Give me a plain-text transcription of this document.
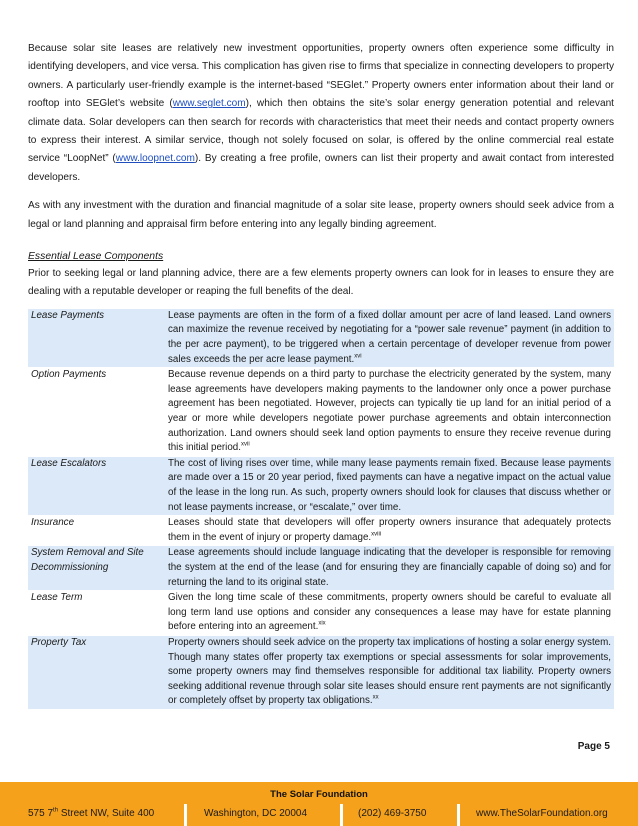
Because solar site leases are relatively new investment opportunities, property owners often experience some difficulty in identifying developers, and vice versa. This complication has given rise to firms that specialize in connecting developers to property owners. A particularly user-friendly example is the internet-based “SEGlet.” Property owners enter information about their land or rooftop into SEGlet’s website (www.seglet.com), which then obtains the site’s solar energy generation potential and relevant climate data. Solar developers can then search for records with characteristics that meet their needs and contact property owners to express their interest. A similar service, though not solely focused on solar, is offered by the online commercial real estate service “LoopNet” (www.loopnet.com). By creating a free profile, owners can list their property and await contact from interested developers.

As with any investment with the duration and financial magnitude of a solar site lease, property owners should seek advice from a legal or land planning and appraisal firm before entering into any legally binding agreement.

Essential Lease Components

Prior to seeking legal or land planning advice, there are a few elements property owners can look for in leases to ensure they are dealing with a reputable developer or reaping the full benefits of the deal.

Lease Payments	Lease payments are often in the form of a fixed dollar amount per acre of land leased. Land owners can maximize the revenue received by negotiating for a “power sale revenue” payment (in addition to the per acre payment), to be triggered when a certain percentage of developer revenue from power sales exceeds the per acre lease payment.$^{xvi}$
Option Payments	Because revenue depends on a third party to purchase the electricity generated by the system, many lease agreements have developers making payments to the landowner only once a power purchase agreement has been negotiated. However, projects can typically tie up land for an initial period of a year or more while developers negotiate power purchase agreements and obtain interconnection authorization. Land owners should seek land option payments to ensure they receive revenue during this initial period.$^{xvii}$
Lease Escalators	The cost of living rises over time, while many lease payments remain fixed. Because lease payments are made over a 15 or 20 year period, fixed payments can have a negative impact on the actual value of the lease in the long run. As such, property owners should look for clauses that discuss whether or not lease payments increase, or “escalate,” over time.
Insurance	Leases should state that developers will offer property owners insurance that adequately protects them in the event of injury or property damage.$^{xviii}$
System Removal and Site Decommissioning	Lease agreements should include language indicating that the developer is responsible for removing the system at the end of the lease (and for ensuring they are financially capable of doing so) and for returning the land to its original state.
Lease Term	Given the long time scale of these commitments, property owners should be careful to evaluate all long term land use options and consider any consequences a lease may have for estate planning before entering into an agreement.$^{xix}$
Property Tax	Property owners should seek advice on the property tax implications of hosting a solar energy system. Though many states offer property tax exemptions or special assessments for solar improvements, some property owners may find themselves responsible for additional tax liability. Property owners seeking additional revenue through solar site leases should ensure rent payments are not significantly or completely offset by property tax obligations.$^{xx}$
Page 5
The Solar Foundation
575 7th Street NW, Suite 400	Washington, DC 20004	(202) 469-3750	www.TheSolarFoundation.org
